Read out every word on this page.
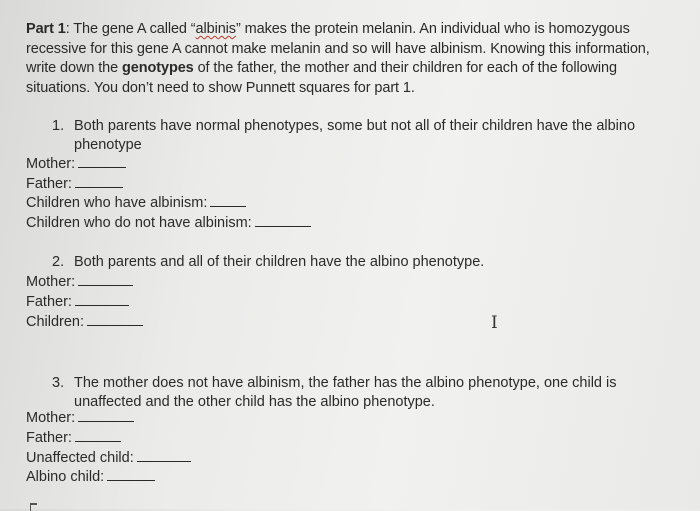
Part 1: The gene A called “albinis” makes the protein melanin. An individual who is homozygous recessive for this gene A cannot make melanin and so will have albinism. Knowing this information, write down the genotypes of the father, the mother and their children for each of the following situations. You don’t need to show Punnett squares for part 1.
1. Both parents have normal phenotypes, some but not all of their children have the albino phenotype
Mother:
Father:
Children who have albinism:
Children who do not have albinism:
2. Both parents and all of their children have the albino phenotype.
Mother:
Father:
Children:	I
3. The mother does not have albinism, the father has the albino phenotype, one child is unaffected and the other child has the albino phenotype.
Mother:
Father:
Unaffected child:
Albino child:
